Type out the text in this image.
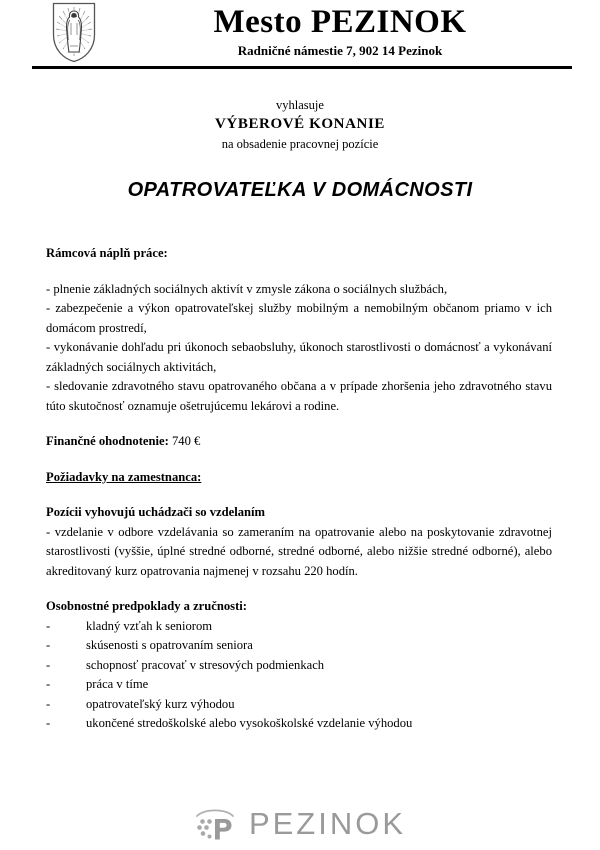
Mesto PEZINOK
Radničné námestie 7, 902 14 Pezinok
vyhlasuje
VÝBEROVÉ KONANIE
na obsadenie pracovnej pozície
OPATROVATEĽKA V DOMÁCNOSTI
Rámcová náplň práce:

- plnenie základných sociálnych aktivít v zmysle zákona o sociálnych službách,

- zabezpečenie a výkon opatrovateľskej služby mobilným a nemobilným občanom priamo v ich domácom prostredí,

- vykonávanie dohľadu pri úkonoch sebaobsluhy, úkonoch starostlivosti o domácnosť a vykonávaní základných sociálnych aktivitách,

- sledovanie zdravotného stavu opatrovaného občana a v prípade zhoršenia jeho zdravotného stavu túto skutočnosť oznamuje ošetrujúcemu lekárovi a rodine.

Finančné ohodnotenie: 740 €
Požiadavky na zamestnanca:
Pozícii vyhovujú uchádzači so vzdelaním

- vzdelanie v odbore vzdelávania so zameraním na opatrovanie alebo na poskytovanie zdravotnej starostlivosti (vyššie, úplné stredné odborné, stredné odborné, alebo nižšie stredné odborné), alebo akreditovaný kurz opatrovania najmenej v rozsahu 220 hodín.

Osobnostné predpoklady a zručnosti:
-	kladný vzťah k seniorom
-	skúsenosti s opatrovaním seniora
-	schopnosť pracovať v stresových podmienkach
-	práca v tíme
-	opatrovateľský kurz výhodou
-	ukončené stredoškolské alebo vysokoškolské vzdelanie výhodou
PEZINOK
